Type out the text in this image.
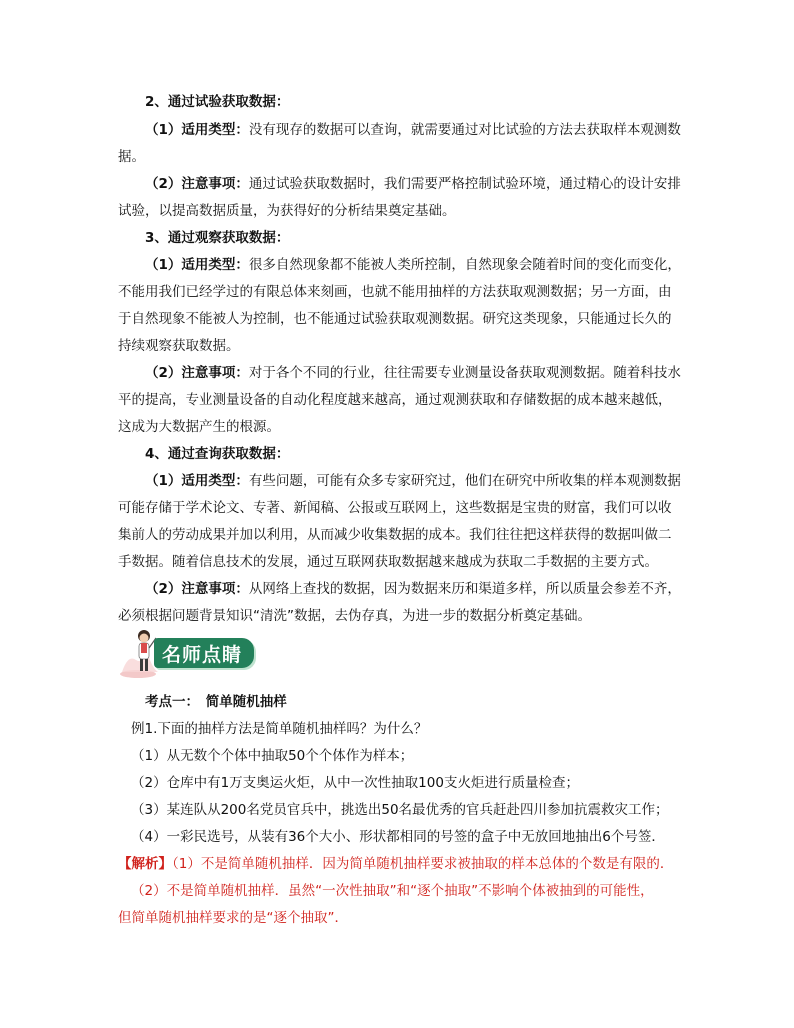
2、通过试验获取数据：
（1）适用类型：没有现存的数据可以查询，就需要通过对比试验的方法去获取样本观测数
据。
（2）注意事项：通过试验获取数据时，我们需要严格控制试验环境，通过精心的设计安排
试验，以提高数据质量，为获得好的分析结果奠定基础。
3、通过观察获取数据：
（1）适用类型：很多自然现象都不能被人类所控制，自然现象会随着时间的变化而变化，
不能用我们已经学过的有限总体来刻画，也就不能用抽样的方法获取观测数据；另一方面，由
于自然现象不能被人为控制，也不能通过试验获取观测数据。研究这类现象，只能通过长久的
持续观察获取数据。
（2）注意事项：对于各个不同的行业，往往需要专业测量设备获取观测数据。随着科技水
平的提高，专业测量设备的自动化程度越来越高，通过观测获取和存储数据的成本越来越低，
这成为大数据产生的根源。
4、通过查询获取数据：
（1）适用类型：有些问题，可能有众多专家研究过，他们在研究中所收集的样本观测数据
可能存储于学术论文、专著、新闻稿、公报或互联网上，这些数据是宝贵的财富，我们可以收
集前人的劳动成果并加以利用，从而减少收集数据的成本。我们往往把这样获得的数据叫做二
手数据。随着信息技术的发展，通过互联网获取数据越来越成为获取二手数据的主要方式。
（2）注意事项：从网络上查找的数据，因为数据来历和渠道多样，所以质量会参差不齐，
必须根据问题背景知识“清洗”数据，去伪存真，为进一步的数据分析奠定基础。
名师点睛
考点一：　简单随机抽样
例1.下面的抽样方法是简单随机抽样吗？为什么？
（1）从无数个个体中抽取50个个体作为样本；
（2）仓库中有1万支奥运火炬，从中一次性抽取100支火炬进行质量检查；
（3）某连队从200名党员官兵中，挑选出50名最优秀的官兵赶赴四川参加抗震救灾工作；
（4）一彩民选号，从装有36个大小、形状都相同的号签的盒子中无放回地抽出6个号签．
【解析】（1）不是简单随机抽样．因为简单随机抽样要求被抽取的样本总体的个数是有限的．
（2）不是简单随机抽样．虽然“一次性抽取”和“逐个抽取”不影响个体被抽到的可能性，
但简单随机抽样要求的是“逐个抽取”．
